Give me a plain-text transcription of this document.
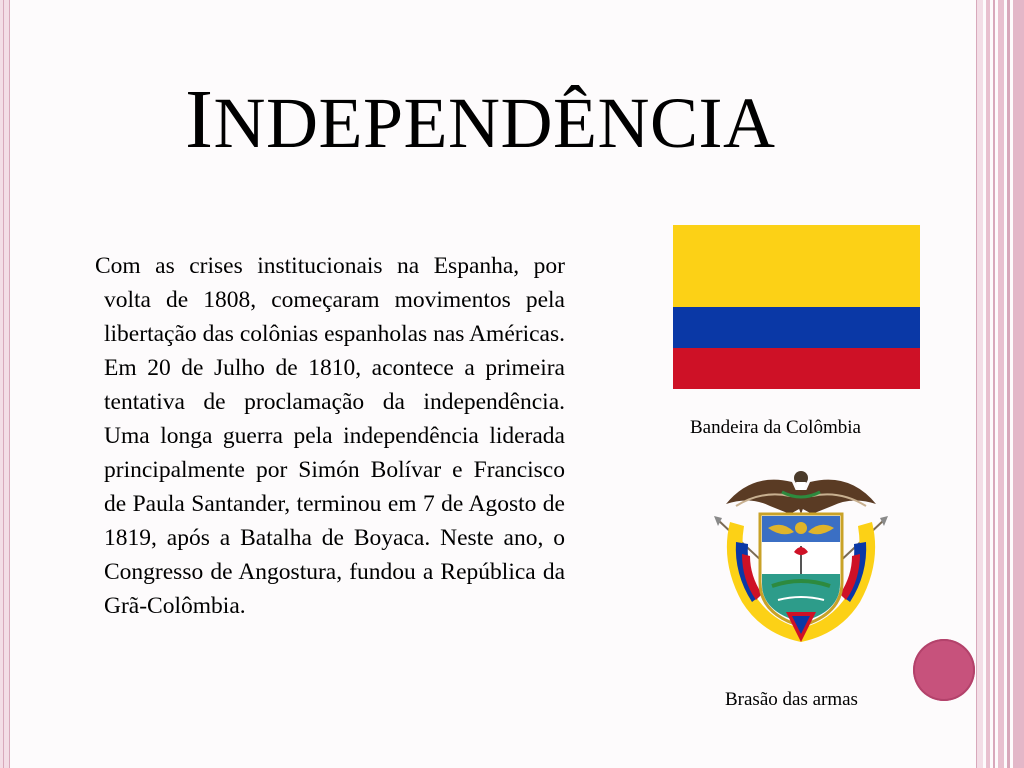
INDEPENDÊNCIA
Com as crises institucionais na Espanha, por volta de 1808, começaram movimentos pela libertação das colônias espanholas nas Américas. Em 20 de Julho de 1810, acontece a primeira tentativa de proclamação da independência. Uma longa guerra pela independência liderada principalmente por Simón Bolívar e Francisco de Paula Santander, terminou em 7 de Agosto de 1819, após a Batalha de Boyaca. Neste ano, o Congresso de Angostura, fundou a República da Grã-Colômbia.
Bandeira da Colômbia
Brasão das armas
